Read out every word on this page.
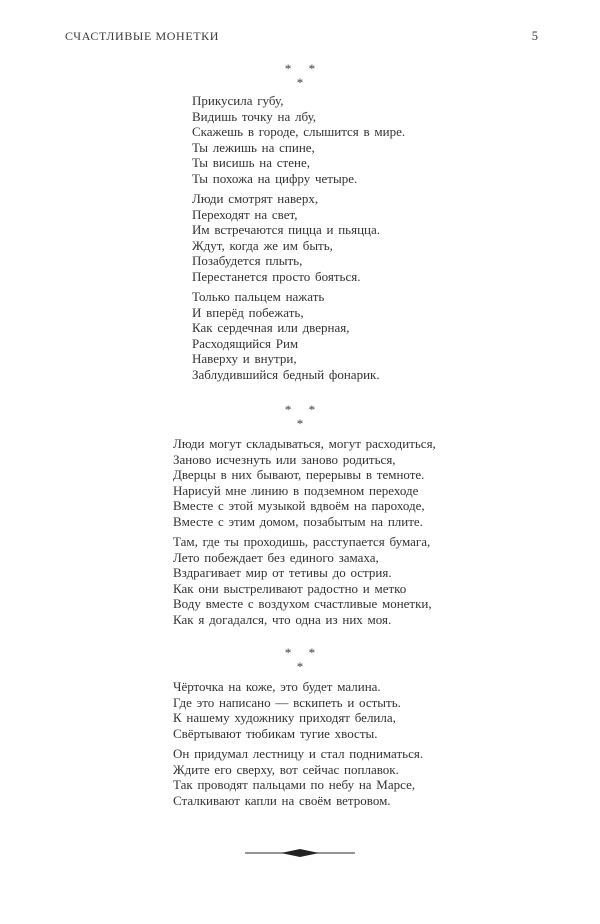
СЧАСТЛИВЫЕ МОНЕТКИ	5
* *
*
Прикусила губу,
Видишь точку на лбу,
Скажешь в городе, слышится в мире.
Ты лежишь на спине,
Ты висишь на стене,
Ты похожа на цифру четыре.
Люди смотрят наверх,
Переходят на свет,
Им встречаются пицца и пьяцца.
Ждут, когда же им быть,
Позабудется плыть,
Перестанется просто бояться.
Только пальцем нажать
И вперёд побежать,
Как сердечная или дверная,
Расходящийся Рим
Наверху и внутри,
Заблудившийся бедный фонарик.
* *
*
Люди могут складываться, могут расходиться,
Заново исчезнуть или заново родиться,
Дверцы в них бывают, перерывы в темноте.
Нарисуй мне линию в подземном переходе
Вместе с этой музыкой вдвоём на пароходе,
Вместе с этим домом, позабытым на плите.
Там, где ты проходишь, расступается бумага,
Лето побеждает без единого замаха,
Вздрагивает мир от тетивы до острия.
Как они выстреливают радостно и метко
Воду вместе с воздухом счастливые монетки,
Как я догадался, что одна из них моя.
* *
*
Чёрточка на коже, это будет малина.
Где это написано — вскипеть и остыть.
К нашему художнику приходят белила,
Свёртывают тюбикам тугие хвосты.
Он придумал лестницу и стал подниматься.
Ждите его сверху, вот сейчас поплавок.
Так проводят пальцами по небу на Марсе,
Сталкивают капли на своём ветровом.
